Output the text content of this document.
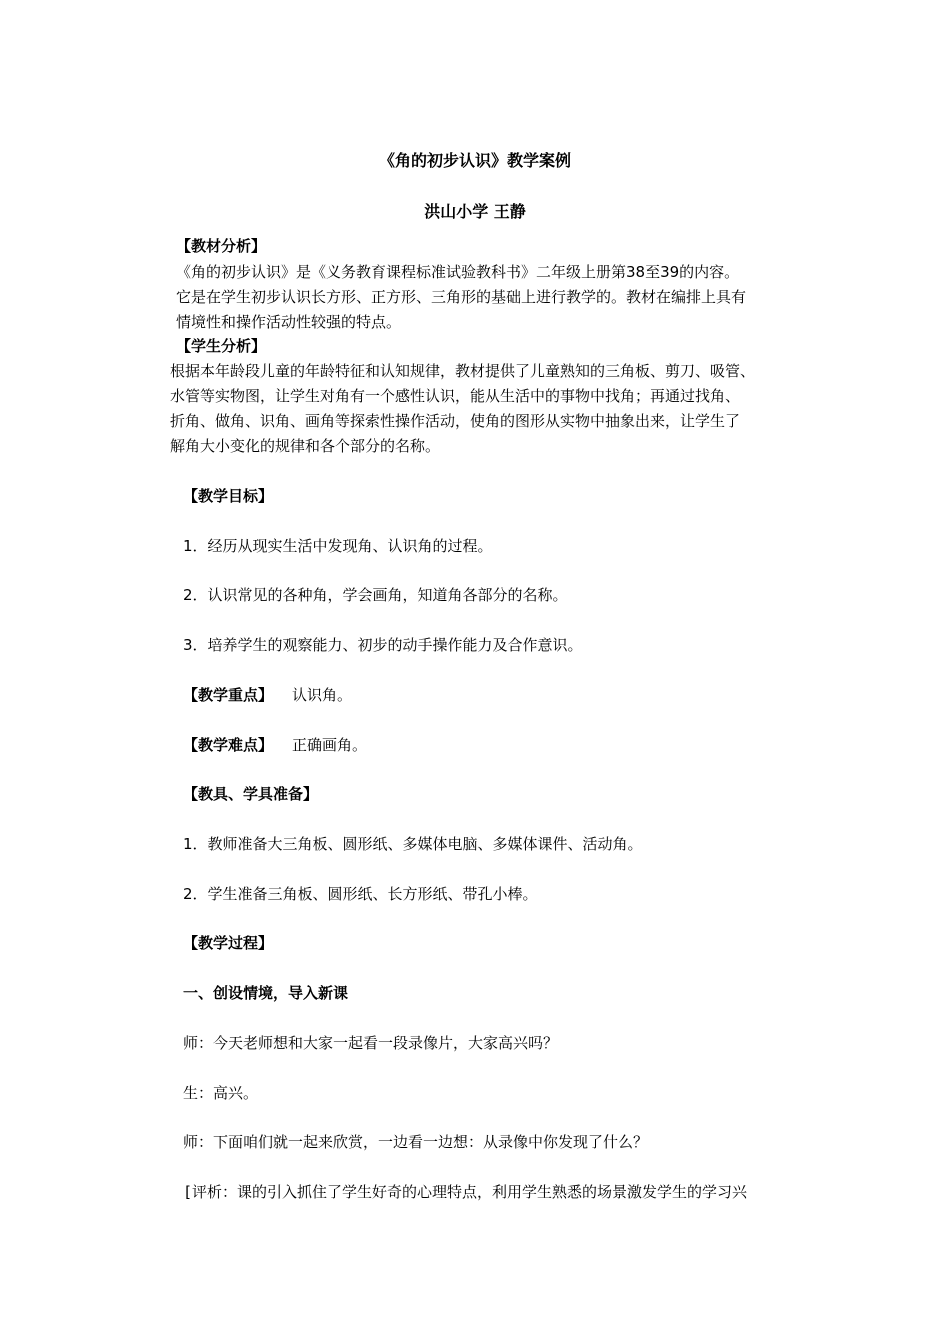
《角的初步认识》教学案例
洪山小学 王静
【教材分析】
《角的初步认识》是《义务教育课程标准试验教科书》二年级上册第38至39的内容。
它是在学生初步认识长方形、正方形、三角形的基础上进行教学的。教材在编排上具有
情境性和操作活动性较强的特点。
【学生分析】
根据本年龄段儿童的年龄特征和认知规律，教材提供了儿童熟知的三角板、剪刀、吸管、
水管等实物图，让学生对角有一个感性认识，能从生活中的事物中找角；再通过找角、
折角、做角、识角、画角等探索性操作活动，使角的图形从实物中抽象出来，让学生了
解角大小变化的规律和各个部分的名称。
【教学目标】
1．经历从现实生活中发现角、认识角的过程。
2．认识常见的各种角，学会画角，知道角各部分的名称。
3．培养学生的观察能力、初步的动手操作能力及合作意识。
【教学重点】 认识角。
【教学难点】 正确画角。
【教具、学具准备】
1．教师准备大三角板、圆形纸、多媒体电脑、多媒体课件、活动角。
2．学生准备三角板、圆形纸、长方形纸、带孔小棒。
【教学过程】
一、创设情境，导入新课
师：今天老师想和大家一起看一段录像片，大家高兴吗？
生：高兴。
师：下面咱们就一起来欣赏，一边看一边想：从录像中你发现了什么？
[评析：课的引入抓住了学生好奇的心理特点，利用学生熟悉的场景激发学生的学习兴
